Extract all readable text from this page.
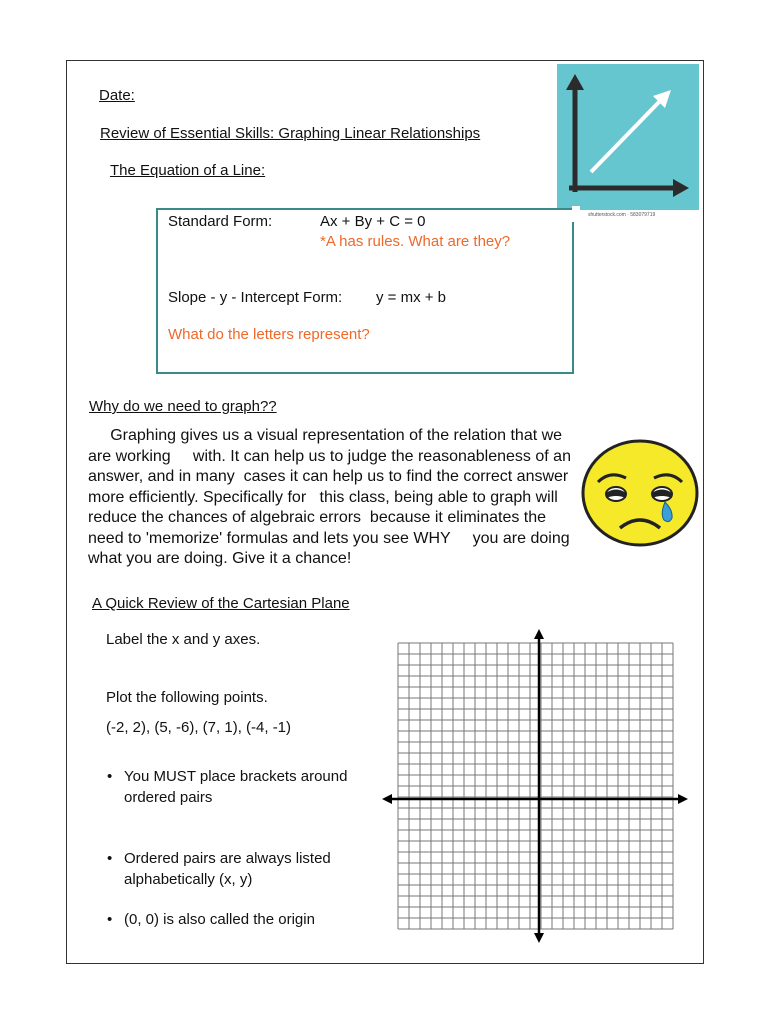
Date:
Review of Essential Skills: Graphing Linear Relationships
The Equation of a Line:
shutterstock.com · 583079719
Standard Form:	Ax + By + C = 0
*A has rules. What are they?
Slope - y - Intercept Form: y = mx + b
What do the letters represent?
Why do we need to graph??
Graphing gives us a visual representation of the relation that we
are working     with. It can help us to judge the reasonableness of an
answer, and in many  cases it can help us to find the correct answer
more efficiently. Specifically for   this class, being able to graph will
reduce the chances of algebraic errors  because it eliminates the
need to 'memorize' formulas and lets you see WHY     you are doing
what you are doing. Give it a chance!
A Quick Review of the Cartesian Plane
Label the x and y axes.
Plot the following points.
(-2, 2), (5, -6), (7, 1), (-4, -1)
• You MUST place brackets around
ordered pairs
• Ordered pairs are always listed
alphabetically (x, y)
• (0, 0) is also called the origin
